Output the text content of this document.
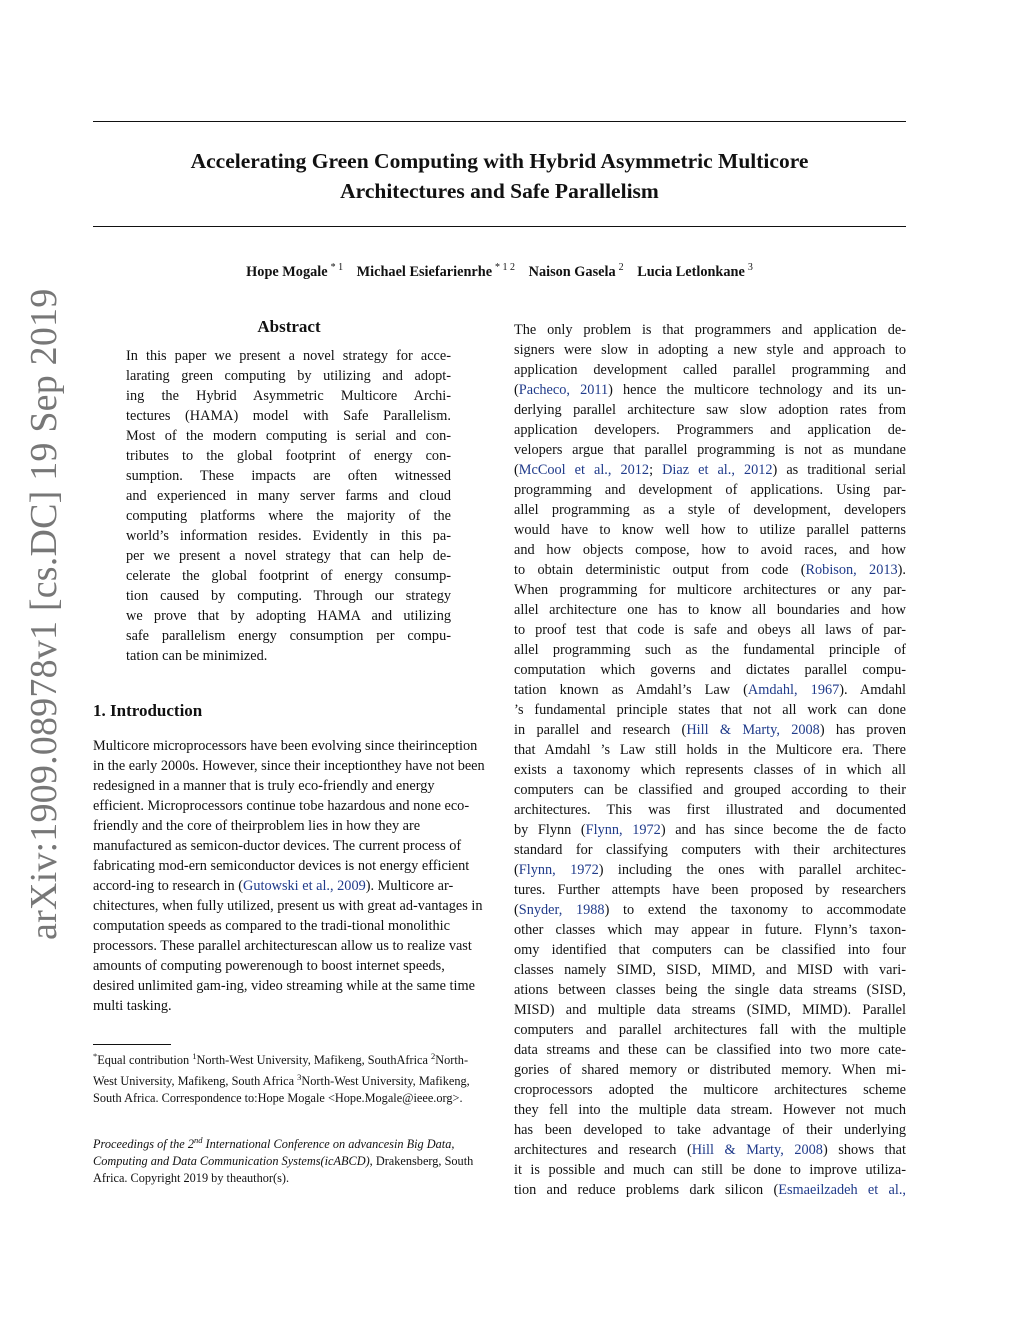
Accelerating Green Computing with Hybrid Asymmetric Multicore
Architectures and Safe Parallelism
Hope Mogale $^{* 1}$ Michael Esiefarienrhe $^{* 1 2}$ Naison Gasela $^2$ Lucia Letlonkane $^3$
arXiv:1909.08978v1 [cs.DC] 19 Sep 2019	Abstract
In this paper we present a novel strategy for acce-
larating green computing by utilizing and adopt-
ing the Hybrid Asymmetric Multicore Archi-
tectures (HAMA) model with Safe Parallelism.
Most of the modern computing is serial and con-
tributes to the global footprint of energy con-
sumption. These impacts are often witnessed
and experienced in many server farms and cloud
computing platforms where the majority of the
world’s information resides. Evidently in this pa-
per we present a novel strategy that can help de-
celerate the global footprint of energy consump-
tion caused by computing. Through our strategy
we prove that by adopting HAMA and utilizing
safe parallelism energy consumption per compu-
tation can be minimized.
1. Introduction
Multicore microprocessors have been evolving since theirinception in the early 2000s. However, since their inceptionthey have not been redesigned in a manner that is truly eco-friendly and energy efficient. Microprocessors continue tobe hazardous and none eco-friendly and the core of theirproblem lies in how they are manufactured as semicon-ductor devices. The current process of fabricating mod-ern semiconductor devices is not energy efficient accord-ing to research in (Gutowski et al., 2009). Multicore ar-chitectures, when fully utilized, present us with great ad-vantages in computation speeds as compared to the tradi-tional monolithic processors. These parallel architecturescan allow us to realize vast amounts of computing powerenough to boost internet speeds, desired unlimited gam-ing, video streaming while at the same time multi tasking.
*Equal contribution $^1$North-West University, Mafikeng, SouthAfrica $^2$North-West University, Mafikeng, South Africa $^3$North-West University, Mafikeng, South Africa. Correspondence to:Hope Mogale <Hope.Mogale@ieee.org>.
Proceedings of the 2nd International Conference on advancesin Big Data, Computing and Data Communication Systems(icABCD), Drakensberg, South Africa. Copyright 2019 by theauthor(s).
The only problem is that programmers and application de-
signers were slow in adopting a new style and approach to
application development called parallel programming and
(Pacheco, 2011) hence the multicore technology and its un-
derlying parallel architecture saw slow adoption rates from
application developers. Programmers and application de-
velopers argue that parallel programming is not as mundane
(McCool et al., 2012; Diaz et al., 2012) as traditional serial
programming and development of applications. Using par-
allel programming as a style of development, developers
would have to know well how to utilize parallel patterns
and how objects compose, how to avoid races, and how
to obtain deterministic output from code (Robison, 2013).
When programming for multicore architectures or any par-
allel architecture one has to know all boundaries and how
to proof test that code is safe and obeys all laws of par-
allel programming such as the fundamental principle of
computation which governs and dictates parallel compu-
tation known as Amdahl’s Law (Amdahl, 1967). Amdahl
’s fundamental principle states that not all work can done
in parallel and research (Hill & Marty, 2008) has proven
that Amdahl ’s Law still holds in the Multicore era. There
exists a taxonomy which represents classes of in which all
computers can be classified and grouped according to their
architectures. This was first illustrated and documented
by Flynn (Flynn, 1972) and has since become the de facto
standard for classifying computers with their architectures
(Flynn, 1972) including the ones with parallel architec-
tures. Further attempts have been proposed by researchers
(Snyder, 1988) to extend the taxonomy to accommodate
other classes which may appear in future. Flynn’s taxon-
omy identified that computers can be classified into four
classes namely SIMD, SISD, MIMD, and MISD with vari-
ations between classes being the single data streams (SISD,
MISD) and multiple data streams (SIMD, MIMD). Parallel
computers and parallel architectures fall with the multiple
data streams and these can be classified into two more cate-
gories of shared memory or distributed memory. When mi-
croprocessors adopted the multicore architectures scheme
they fell into the multiple data stream. However not much
has been developed to take advantage of their underlying
architectures and research (Hill & Marty, 2008) shows that
it is possible and much can still be done to improve utiliza-
tion and reduce problems dark silicon (Esmaeilzadeh et al.,
